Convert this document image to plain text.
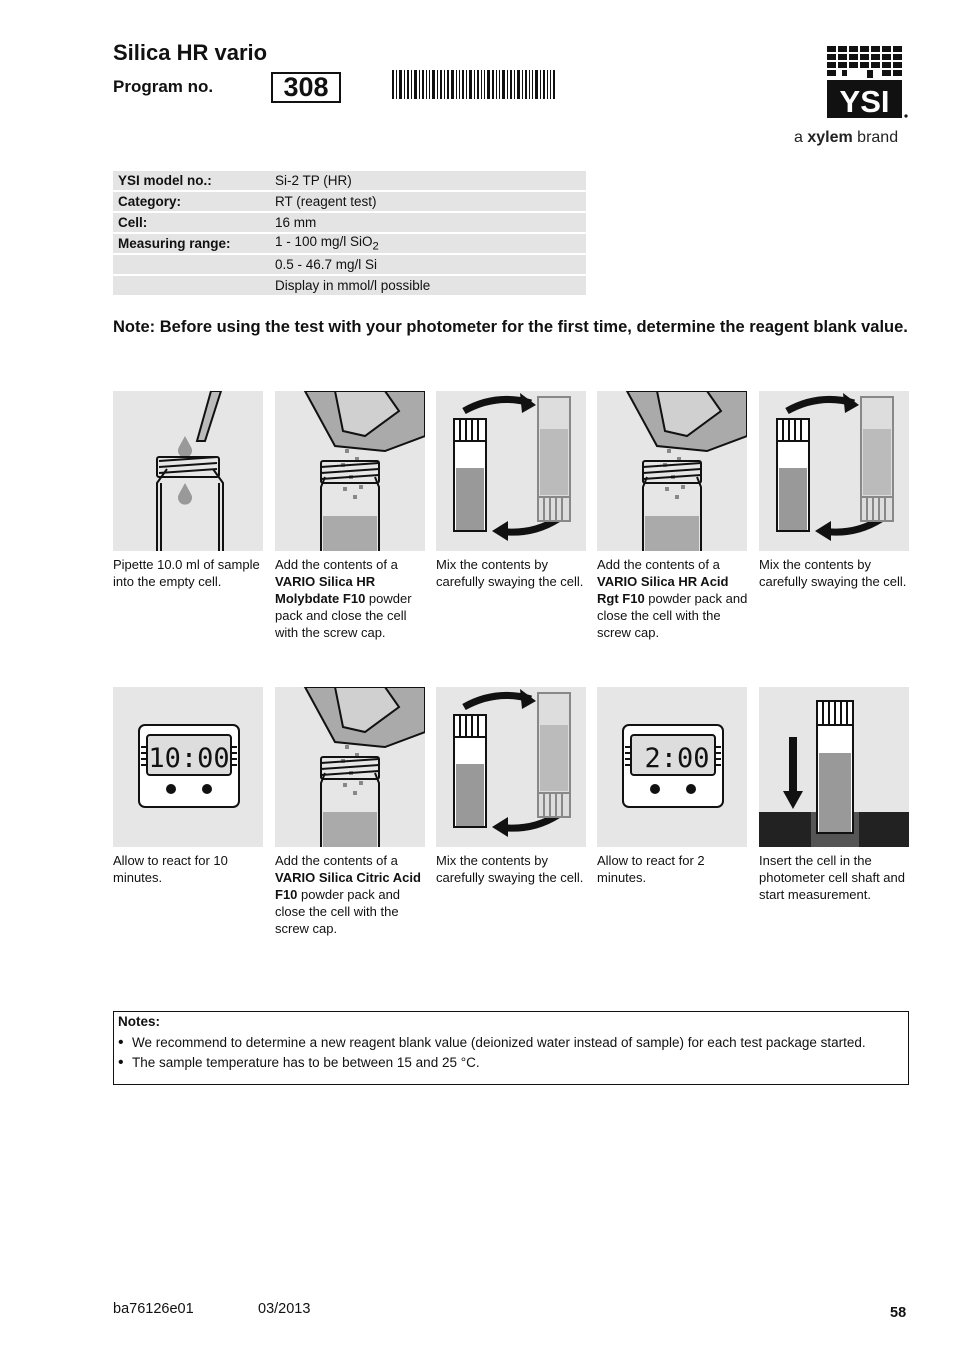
Silica HR vario
Program no.	308	YSI
a xylem brand
YSI model no.:	Si-2 TP (HR)
Category:	RT (reagent test)
Cell:	16 mm
Measuring range:	1 - 100 mg/l SiO$_2$
	0.5 - 46.7 mg/l Si
	Display in mmol/l possible
Note: Before using the test with your photometer for the first time, determine the reagent blank value.
Pipette 10.0 ml of sample into the empty cell.
Add the contents of a VARIO Silica HR Molybdate F10 powder pack and close the cell with the screw cap.
Mix the contents by carefully swaying the cell.
Add the contents of a VARIO Silica HR Acid Rgt F10 powder pack and close the cell with the screw cap.
Mix the contents by carefully swaying the cell.
10:00	2:00
Allow to react for 10 minutes.
Add the contents of a VARIO Silica Citric Acid F10 powder pack and close the cell with the screw cap.
Mix the contents by carefully swaying the cell.
Allow to react for 2 minutes.
Insert the cell in the photometer cell shaft and start measurement.
Notes:
• We recommend to determine a new reagent blank value (deionized water instead of sample) for each test package started.
• The sample temperature has to be between 15 and 25 °C.
ba76126e01	03/2013	58
